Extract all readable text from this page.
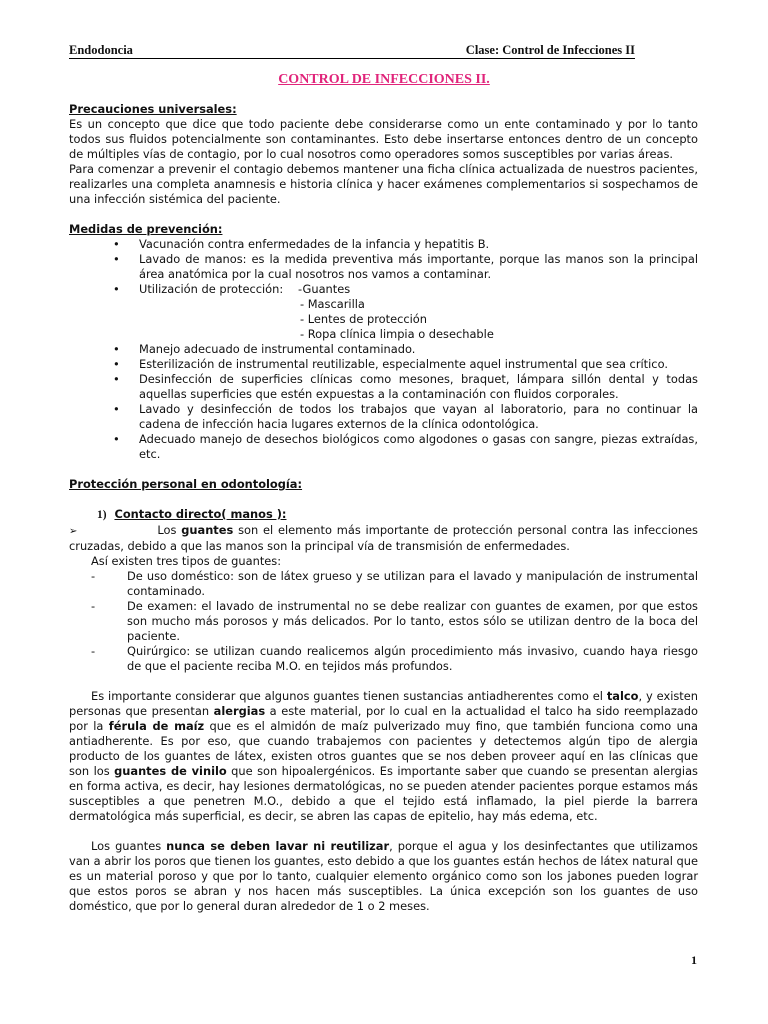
Endodoncia	Clase: Control de Infecciones II
CONTROL DE INFECCIONES II.
Precauciones universales:
Es un concepto que dice que todo paciente debe considerarse como un ente contaminado y por lo tanto todos sus fluidos potencialmente son contaminantes. Esto debe insertarse entonces dentro de un concepto de múltiples vías de contagio, por lo cual nosotros como operadores somos susceptibles por varias áreas.
Para comenzar a prevenir el contagio debemos mantener una ficha clínica actualizada de nuestros pacientes, realizarles una completa anamnesis e historia clínica y hacer exámenes complementarios si sospechamos de una infección sistémica del paciente.
Medidas de prevención:
• Vacunación contra enfermedades de la infancia y hepatitis B.
• Lavado de manos: es la medida preventiva más importante, porque las manos son la principal área anatómica por la cual nosotros nos vamos a contaminar.
• Utilización de protección: -Guantes
- Mascarilla
- Lentes de protección
- Ropa clínica limpia o desechable
• Manejo adecuado de instrumental contaminado.
• Esterilización de instrumental reutilizable, especialmente aquel instrumental que sea crítico.
• Desinfección de superficies clínicas como mesones, braquet, lámpara sillón dental y todas aquellas superficies que estén expuestas a la contaminación con fluidos corporales.
• Lavado y desinfección de todos los trabajos que vayan al laboratorio, para no continuar la cadena de infección hacia lugares externos de la clínica odontológica.
• Adecuado manejo de desechos biológicos como algodones o gasas con sangre, piezas extraídas, etc.
Protección personal en odontología:
1) Contacto directo( manos ):
➢	Los guantes son el elemento más importante de protección personal contra las infecciones cruzadas, debido a que las manos son la principal vía de transmisión de enfermedades.
Así existen tres tipos de guantes:
-	De uso doméstico: son de látex grueso y se utilizan para el lavado y manipulación de instrumental contaminado.
-	De examen: el lavado de instrumental no se debe realizar con guantes de examen, por que estos son mucho más porosos y más delicados. Por lo tanto, estos sólo se utilizan dentro de la boca del paciente.
-	Quirúrgico: se utilizan cuando realicemos algún procedimiento más invasivo, cuando haya riesgo de que el paciente reciba M.O. en tejidos más profundos.
Es importante considerar que algunos guantes tienen sustancias antiadherentes como el talco, y existen personas que presentan alergias a este material, por lo cual en la actualidad el talco ha sido reemplazado por la férula de maíz que es el almidón de maíz pulverizado muy fino, que también funciona como una antiadherente. Es por eso, que cuando trabajemos con pacientes y detectemos algún tipo de alergia producto de los guantes de látex, existen otros guantes que se nos deben proveer aquí en las clínicas que son los guantes de vinilo que son hipoalergénicos. Es importante saber que cuando se presentan alergias en forma activa, es decir, hay lesiones dermatológicas, no se pueden atender pacientes porque estamos más susceptibles a que penetren M.O., debido a que el tejido está inflamado, la piel pierde la barrera dermatológica más superficial, es decir, se abren las capas de epitelio, hay más edema, etc.
Los guantes nunca se deben lavar ni reutilizar, porque el agua y los desinfectantes que utilizamos van a abrir los poros que tienen los guantes, esto debido a que los guantes están hechos de látex natural que es un material poroso y que por lo tanto, cualquier elemento orgánico como son los jabones pueden lograr que estos poros se abran y nos hacen más susceptibles. La única excepción son los guantes de uso doméstico, que por lo general duran alrededor de 1 o 2 meses.
1
